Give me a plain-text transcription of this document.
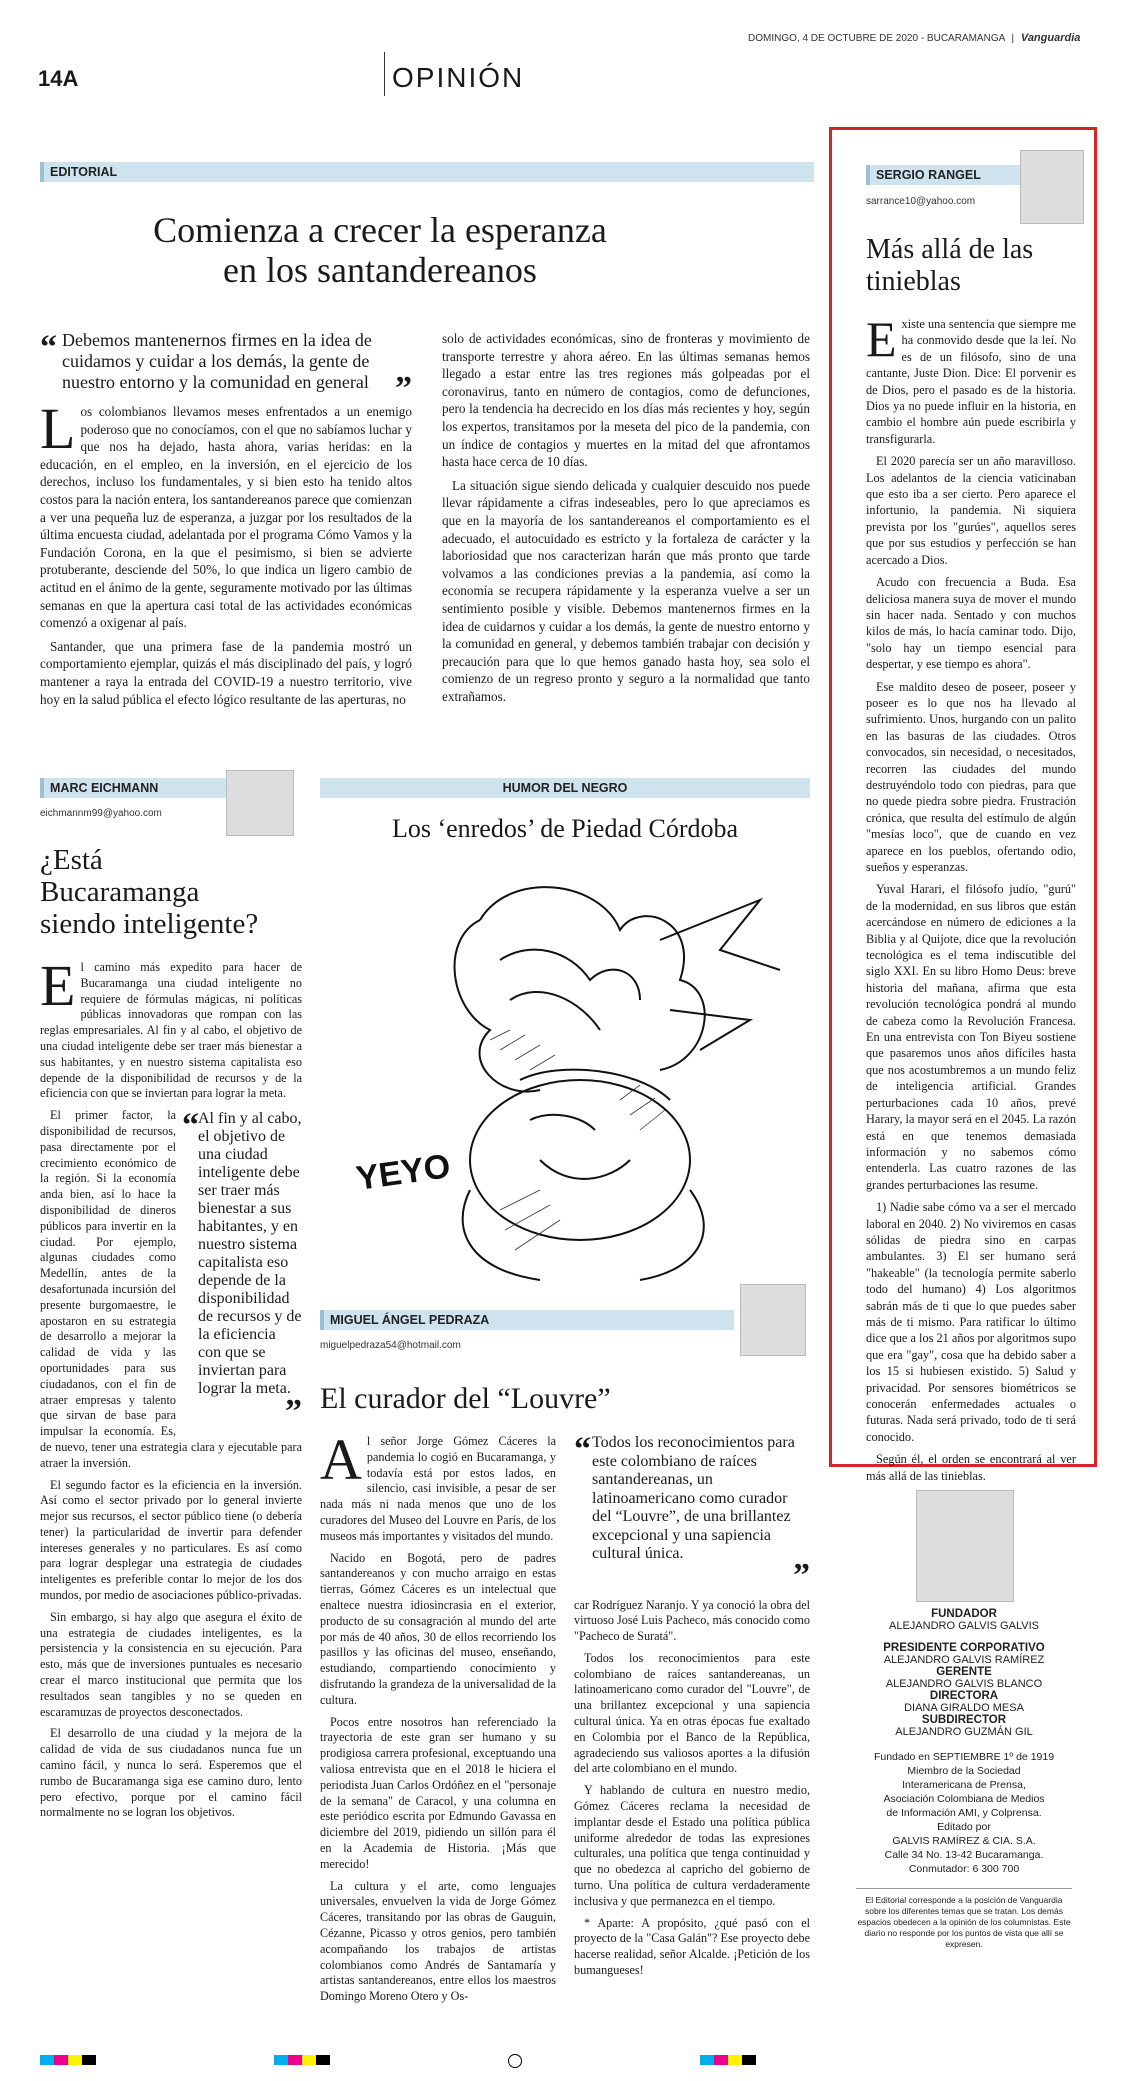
DOMINGO, 4 DE OCTUBRE DE 2020 - BUCARAMANGA | Vanguardia
14A	OPINIÓN
EDITORIAL
Comienza a crecer la esperanza
en los santandereanos
“ Debemos mantenernos firmes en la idea de cuidamos y cuidar a los demás, la gente de nuestro entorno y la comunidad en general ”

Los colombianos llevamos meses enfrentados a un enemigo poderoso que no conocíamos, con el que no sabíamos luchar y que nos ha dejado, hasta ahora, varias heridas: en la educación, en el empleo, en la inversión, en el ejercicio de los derechos, incluso los fundamentales, y si bien esto ha tenido altos costos para la nación entera, los santandereanos parece que comienzan a ver una pequeña luz de esperanza, a juzgar por los resultados de la última encuesta ciudad, adelantada por el programa Cómo Vamos y la Fundación Corona, en la que el pesimismo, si bien se advierte protuberante, desciende del 50%, lo que indica un ligero cambio de actitud en el ánimo de la gente, seguramente motivado por las últimas semanas en que la apertura casi total de las actividades económicas comenzó a oxigenar al país.

Santander, que una primera fase de la pandemia mostró un comportamiento ejemplar, quizás el más disciplinado del país, y logró mantener a raya la entrada del COVID-19 a nuestro territorio, vive hoy en la salud pública el efecto lógico resultante de las aperturas, no

solo de actividades económicas, sino de fronteras y movimiento de transporte terrestre y ahora aéreo. En las últimas semanas hemos llegado a estar entre las tres regiones más golpeadas por el coronavirus, tanto en número de contagios, como de defunciones, pero la tendencia ha decrecido en los días más recientes y hoy, según los expertos, transitamos por la meseta del pico de la pandemia, con un índice de contagios y muertes en la mitad del que afrontamos hasta hace cerca de 10 días.

La situación sigue siendo delicada y cualquier descuido nos puede llevar rápidamente a cifras indeseables, pero lo que apreciamos es que en la mayoría de los santandereanos el comportamiento es el adecuado, el autocuidado es estricto y la fortaleza de carácter y la laboriosidad que nos caracterizan harán que más pronto que tarde volvamos a las condiciones previas a la pandemia, así como la economía se recupera rápidamente y la esperanza vuelve a ser un sentimiento posible y visible. Debemos mantenernos firmes en la idea de cuidarnos y cuidar a los demás, la gente de nuestro entorno y la comunidad en general, y debemos también trabajar con decisión y precaución para que lo que hemos ganado hasta hoy, sea solo el comienzo de un regreso pronto y seguro a la normalidad que tanto extrañamos.

SERGIO RANGEL
sarrance10@yahoo.com
Más allá de las
tinieblas

Existe una sentencia que siempre me ha conmovido desde que la leí. No es de un filósofo, sino de una cantante, Juste Dion. Dice: El porvenir es de Dios, pero el pasado es de la historia. Dios ya no puede influir en la historia, en cambio el hombre aún puede escribirla y transfigurarla.

El 2020 parecía ser un año maravilloso. Los adelantos de la ciencia vaticinaban que esto iba a ser cierto. Pero aparece el infortunio, la pandemia. Ni siquiera prevista por los "gurúes", aquellos seres que por sus estudios y perfección se han acercado a Dios.

Acudo con frecuencia a Buda. Esa deliciosa manera suya de mover el mundo sin hacer nada. Sentado y con muchos kilos de más, lo hacía caminar todo. Dijo, "solo hay un tiempo esencial para despertar, y ese tiempo es ahora".

Ese maldito deseo de poseer, poseer y poseer es lo que nos ha llevado al sufrimiento. Unos, hurgando con un palito en las basuras de las ciudades. Otros convocados, sin necesidad, o necesitados, recorren las ciudades del mundo destruyéndolo todo con piedras, para que no quede piedra sobre piedra. Frustración crónica, que resulta del estímulo de algún "mesías loco", que de cuando en vez aparece en los pueblos, ofertando odio, sueños y esperanzas.

Yuval Harari, el filósofo judío, "gurú" de la modernidad, en sus libros que están acercándose en número de ediciones a la Biblia y al Quijote, dice que la revolución tecnológica es el tema indiscutible del siglo XXI. En su libro Homo Deus: breve historia del mañana, afirma que esta revolución tecnológica pondrá al mundo de cabeza como la Revolución Francesa. En una entrevista con Ton Biyeu sostiene que pasaremos unos años difíciles hasta que nos acostumbremos a un mundo feliz de inteligencia artificial. Grandes perturbaciones cada 10 años, prevé Harary, la mayor será en el 2045. La razón está en que tenemos demasiada información y no sabemos cómo entenderla. Las cuatro razones de las grandes perturbaciones las resume.

1) Nadie sabe cómo va a ser el mercado laboral en 2040. 2) No viviremos en casas sólidas de piedra sino en carpas ambulantes. 3) El ser humano será "hakeable" (la tecnología permite saberlo todo del humano) 4) Los algoritmos sabrán más de ti que lo que puedes saber más de ti mismo. Para ratificar lo último dice que a los 21 años por algoritmos supo que era "gay", cosa que ha debido saber a los 15 si hubiesen existido. 5) Salud y privacidad. Por sensores biométricos se conocerán enfermedades actuales o futuras. Nada será privado, todo de ti será conocido.

Según él, el orden se encontrará al ver más allá de las tinieblas.

MARC EICHMANN
eichmannm99@yahoo.com
¿Está
Bucaramanga
siendo inteligente?

El camino más expedito para hacer de Bucaramanga una ciudad inteligente no requiere de fórmulas mágicas, ni políticas públicas innovadoras que rompan con las reglas empresariales. Al fin y al cabo, el objetivo de una ciudad inteligente debe ser traer más bienestar a sus habitantes, y en nuestro sistema capitalista eso depende de la disponibilidad de recursos y de la eficiencia con que se inviertan para lograr la meta.

“ Al fin y al cabo, el objetivo de una ciudad inteligente debe ser traer más bienestar a sus habitantes, y en nuestro sistema capitalista eso depende de la disponibilidad de recursos y de la eficiencia con que se inviertan para lograr la meta.
”

El primer factor, la disponibilidad de recursos, pasa directamente por el crecimiento económico de la región. Si la economía anda bien, así lo hace la disponibilidad de dineros públicos para invertir en la ciudad. Por ejemplo, algunas ciudades como Medellín, antes de la desafortunada incursión del presente burgomaestre, le apostaron en su estrategia de desarrollo a mejorar la calidad de vida y las oportunidades para sus ciudadanos, con el fin de atraer empresas y talento que sirvan de base para impulsar la economía. Es, de nuevo, tener una estrategia clara y ejecutable para atraer la inversión.

El segundo factor es la eficiencia en la inversión. Así como el sector privado por lo general invierte mejor sus recursos, el sector público tiene (o debería tener) la particularidad de invertir para defender intereses generales y no particulares. Es así como para lograr desplegar una estrategia de ciudades inteligentes es preferible contar lo mejor de los dos mundos, por medio de asociaciones público-privadas.

Sin embargo, si hay algo que asegura el éxito de una estrategia de ciudades inteligentes, es la persistencia y la consistencia en su ejecución. Para esto, más que de inversiones puntuales es necesario crear el marco institucional que permita que los resultados sean tangibles y no se queden en escaramuzas de proyectos desconectados.

El desarrollo de una ciudad y la mejora de la calidad de vida de sus ciudadanos nunca fue un camino fácil, y nunca lo será. Esperemos que el rumbo de Bucaramanga siga ese camino duro, lento pero efectivo, porque por el camino fácil normalmente no se logran los objetivos.

HUMOR DEL NEGRO
Los ‘enredos’ de Piedad Córdoba
YEYO
MIGUEL ÁNGEL PEDRAZA
miguelpedraza54@hotmail.com
El curador del “Louvre”

Al señor Jorge Gómez Cáceres la pandemia lo cogió en Bucaramanga, y todavía está por estos lados, en silencio, casi invisible, a pesar de ser nada más ni nada menos que uno de los curadores del Museo del Louvre en París, de los museos más importantes y visitados del mundo.

Nacido en Bogotá, pero de padres santandereanos y con mucho arraigo en estas tierras, Gómez Cáceres es un intelectual que enaltece nuestra idiosincrasia en el exterior, producto de su consagración al mundo del arte por más de 40 años, 30 de ellos recorriendo los pasillos y las oficinas del museo, enseñando, estudiando, compartiendo conocimiento y disfrutando la grandeza de la universalidad de la cultura.

Pocos entre nosotros han referenciado la trayectoria de este gran ser humano y su prodigiosa carrera profesional, exceptuando una valiosa entrevista que en el 2018 le hiciera el periodista Juan Carlos Ordóñez en el "personaje de la semana" de Caracol, y una columna en este periódico escrita por Edmundo Gavassa en diciembre del 2019, pidiendo un sillón para él en la Academia de Historia. ¡Más que merecido!

La cultura y el arte, como lenguajes universales, envuelven la vida de Jorge Gómez Cáceres, transitando por las obras de Gauguin, Cézanne, Picasso y otros genios, pero también acompañando los trabajos de artistas colombianos como Andrés de Santamaría y artistas santandereanos, entre ellos los maestros Domingo Moreno Otero y Os-

“ Todos los reconocimientos para este colombiano de raíces santandereanas, un latinoamericano como curador del “Louvre”, de una brillantez excepcional y una sapiencia cultural única.
”

car Rodríguez Naranjo. Y ya conoció la obra del virtuoso José Luis Pacheco, más conocido como "Pacheco de Suratá".

Todos los reconocimientos para este colombiano de raíces santandereanas, un latinoamericano como curador del "Louvre", de una brillantez excepcional y una sapiencia cultural única. Ya en otras épocas fue exaltado en Colombia por el Banco de la República, agradeciendo sus valiosos aportes a la difusión del arte colombiano en el mundo.

Y hablando de cultura en nuestro medio, Gómez Cáceres reclama la necesidad de implantar desde el Estado una política pública uniforme alrededor de todas las expresiones culturales, una política que tenga continuidad y que no obedezca al capricho del gobierno de turno. Una política de cultura verdaderamente inclusiva y que permanezca en el tiempo.

* Aparte: A propósito, ¿qué pasó con el proyecto de la "Casa Galán"? Ese proyecto debe hacerse realidad, señor Alcalde. ¡Petición de los bumangueses!

FUNDADOR
ALEJANDRO GALVIS GALVIS
PRESIDENTE CORPORATIVO
ALEJANDRO GALVIS RAMÍREZ
GERENTE
ALEJANDRO GALVIS BLANCO
DIRECTORA
DIANA GIRALDO MESA
SUBDIRECTOR
ALEJANDRO GUZMÁN GIL
Fundado en SEPTIEMBRE 1º de 1919
Miembro de la Sociedad
Interamericana de Prensa,
Asociación Colombiana de Medios
de Información AMI, y Colprensa.
Editado por
GALVIS RAMÍREZ & CIA. S.A.
Calle 34 No. 13-42 Bucaramanga.
Conmutador: 6 300 700
El Editorial corresponde a la posición de Vanguardia sobre los diferentes temas que se tratan. Los demás espacios obedecen a la opinión de los columnistas. Este diario no responde por los puntos de vista que allí se expresen.
